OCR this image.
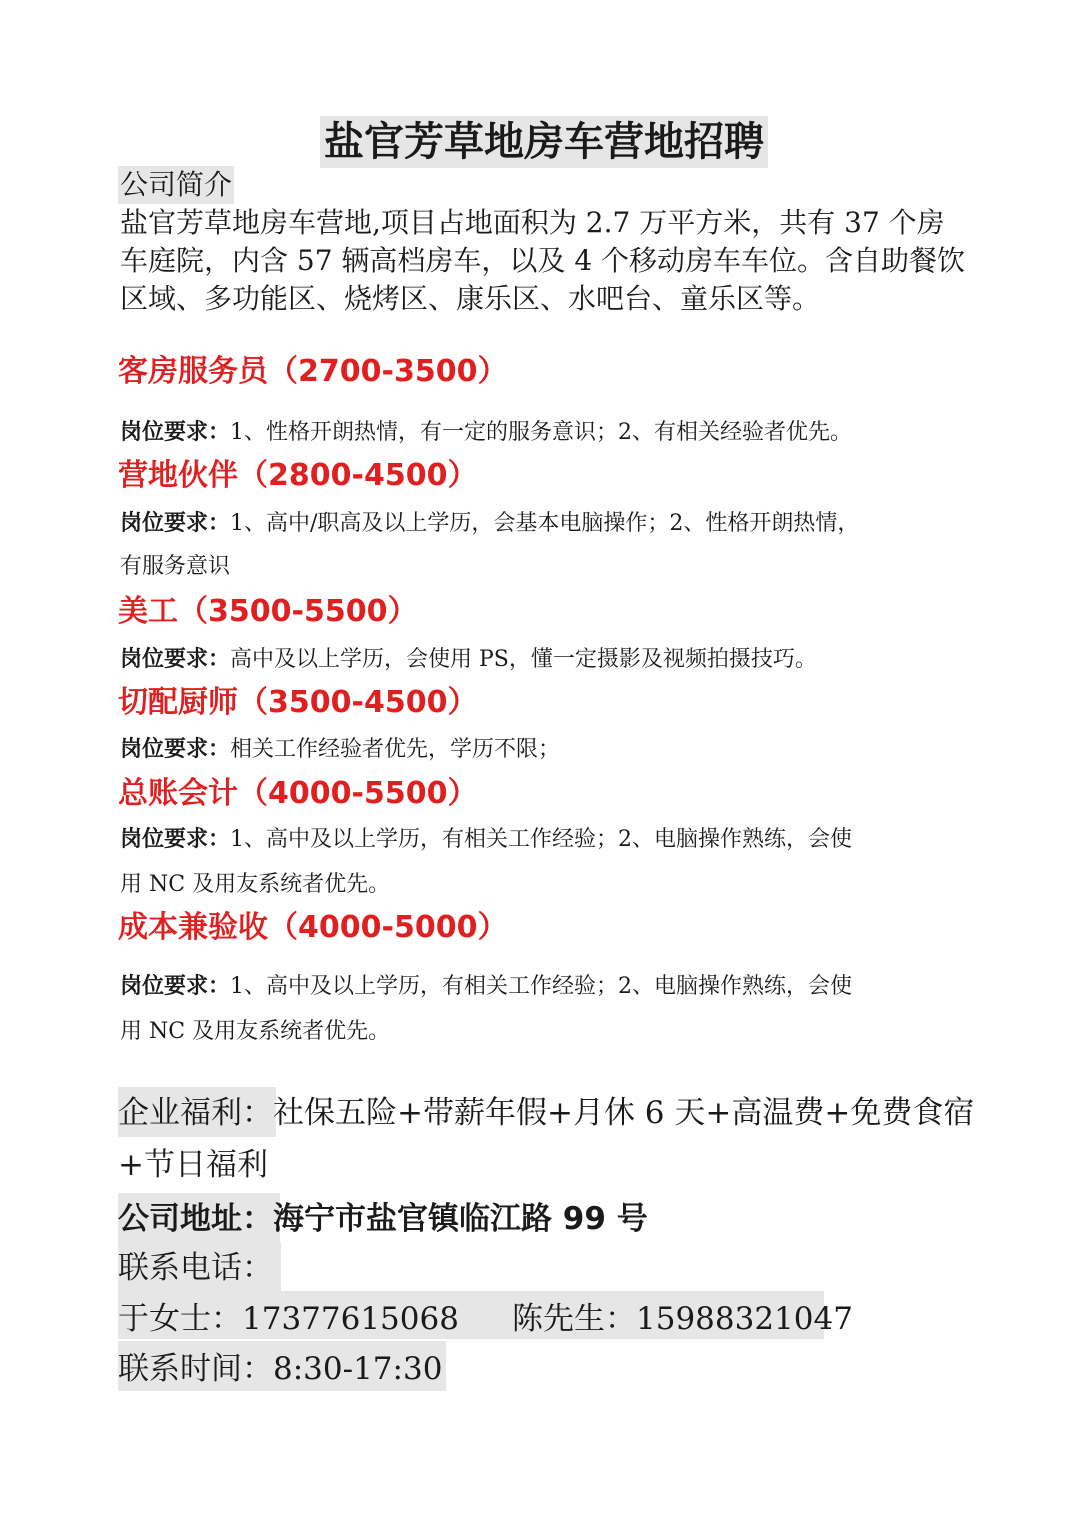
盐官芳草地房车营地招聘
公司简介
盐官芳草地房车营地,项目占地面积为 2.7 万平方米，共有 37 个房
车庭院，内含 57 辆高档房车，以及 4 个移动房车车位。含自助餐饮
区域、多功能区、烧烤区、康乐区、水吧台、童乐区等。
客房服务员（2700-3500）
岗位要求：1、性格开朗热情，有一定的服务意识；2、有相关经验者优先。
营地伙伴（2800-4500）
岗位要求：1、高中/职高及以上学历，会基本电脑操作；2、性格开朗热情，
有服务意识
美工（3500-5500）
岗位要求：高中及以上学历，会使用 PS，懂一定摄影及视频拍摄技巧。
切配厨师（3500-4500）
岗位要求：相关工作经验者优先，学历不限；
总账会计（4000-5500）
岗位要求：1、高中及以上学历，有相关工作经验；2、电脑操作熟练，会使
用 NC 及用友系统者优先。
成本兼验收（4000-5000）
岗位要求：1、高中及以上学历，有相关工作经验；2、电脑操作熟练，会使
用 NC 及用友系统者优先。
企业福利：社保五险+带薪年假+月休 6 天+高温费+免费食宿
+节日福利
公司地址：海宁市盐官镇临江路 99 号
联系电话：
于女士：17377615068 陈先生：15988321047
联系时间：8:30-17:30
